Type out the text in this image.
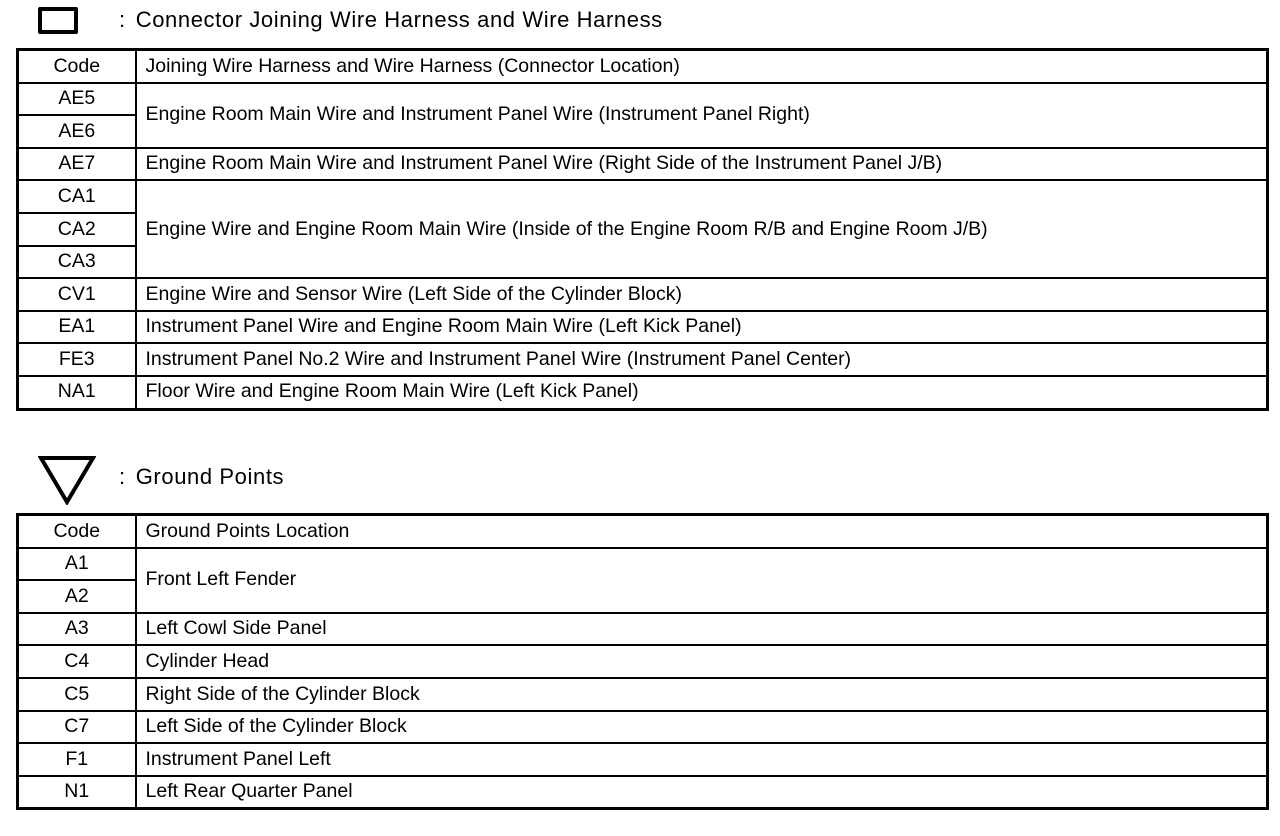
: Connector Joining Wire Harness and Wire Harness
Code	Joining Wire Harness and Wire Harness (Connector Location)
AE5	Engine Room Main Wire and Instrument Panel Wire (Instrument Panel Right)
AE6	
AE7	Engine Room Main Wire and Instrument Panel Wire (Right Side of the Instrument Panel J/B)
CA1	Engine Wire and Engine Room Main Wire (Inside of the Engine Room R/B and Engine Room J/B)
CA2	
CA3	
CV1	Engine Wire and Sensor Wire (Left Side of the Cylinder Block)
EA1	Instrument Panel Wire and Engine Room Main Wire (Left Kick Panel)
FE3	Instrument Panel No.2 Wire and Instrument Panel Wire (Instrument Panel Center)
NA1	Floor Wire and Engine Room Main Wire (Left Kick Panel)
: Ground Points
Code	Ground Points Location
A1	Front Left Fender
A2	
A3	Left Cowl Side Panel
C4	Cylinder Head
C5	Right Side of the Cylinder Block
C7	Left Side of the Cylinder Block
F1	Instrument Panel Left
N1	Left Rear Quarter Panel
